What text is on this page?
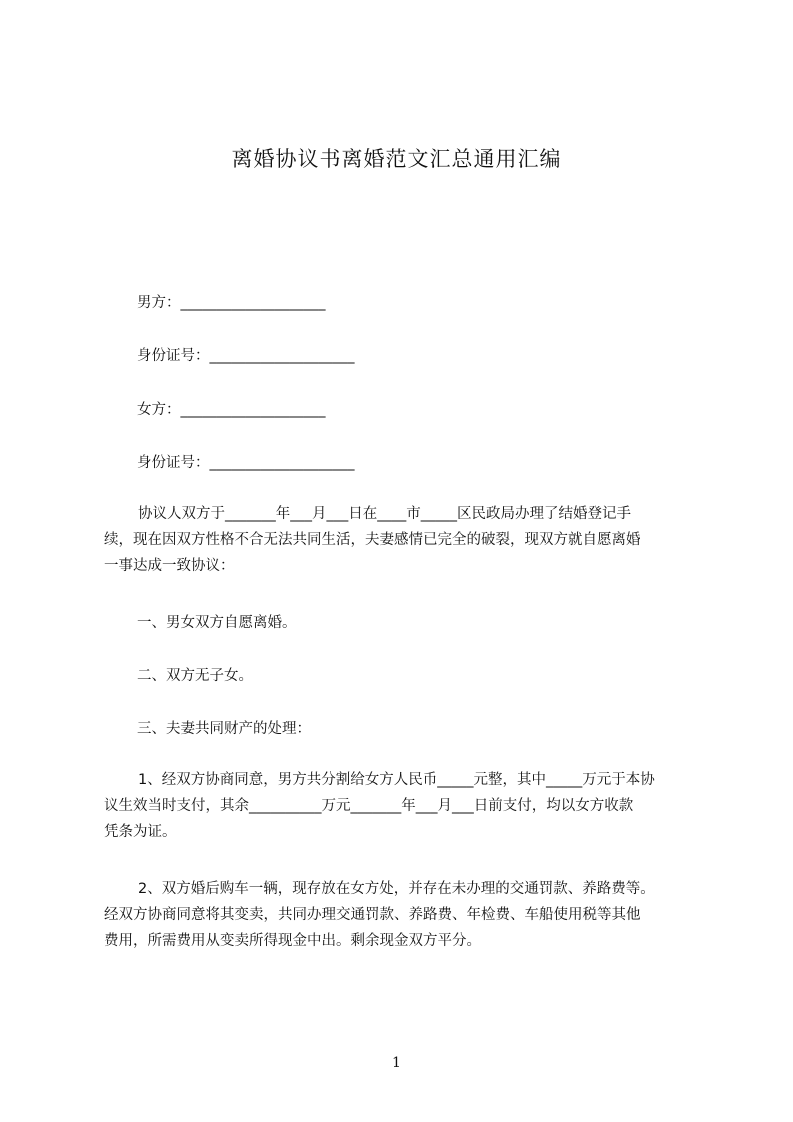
离婚协议书离婚范文汇总通用汇编
男方：____________________
身份证号：____________________
女方：____________________
身份证号：____________________
协议人双方于_______年___月___日在____市_____区民政局办理了结婚登记手
续，现在因双方性格不合无法共同生活，夫妻感情已完全的破裂，现双方就自愿离婚
一事达成一致协议：
一、男女双方自愿离婚。
二、双方无子女。
三、夫妻共同财产的处理：
1、经双方协商同意，男方共分割给女方人民币_____元整，其中_____万元于本协
议生效当时支付，其余__________万元_______年___月___日前支付，均以女方收款
凭条为证。
2、双方婚后购车一辆，现存放在女方处，并存在未办理的交通罚款、养路费等。
经双方协商同意将其变卖，共同办理交通罚款、养路费、年检费、车船使用税等其他
费用，所需费用从变卖所得现金中出。剩余现金双方平分。
1
